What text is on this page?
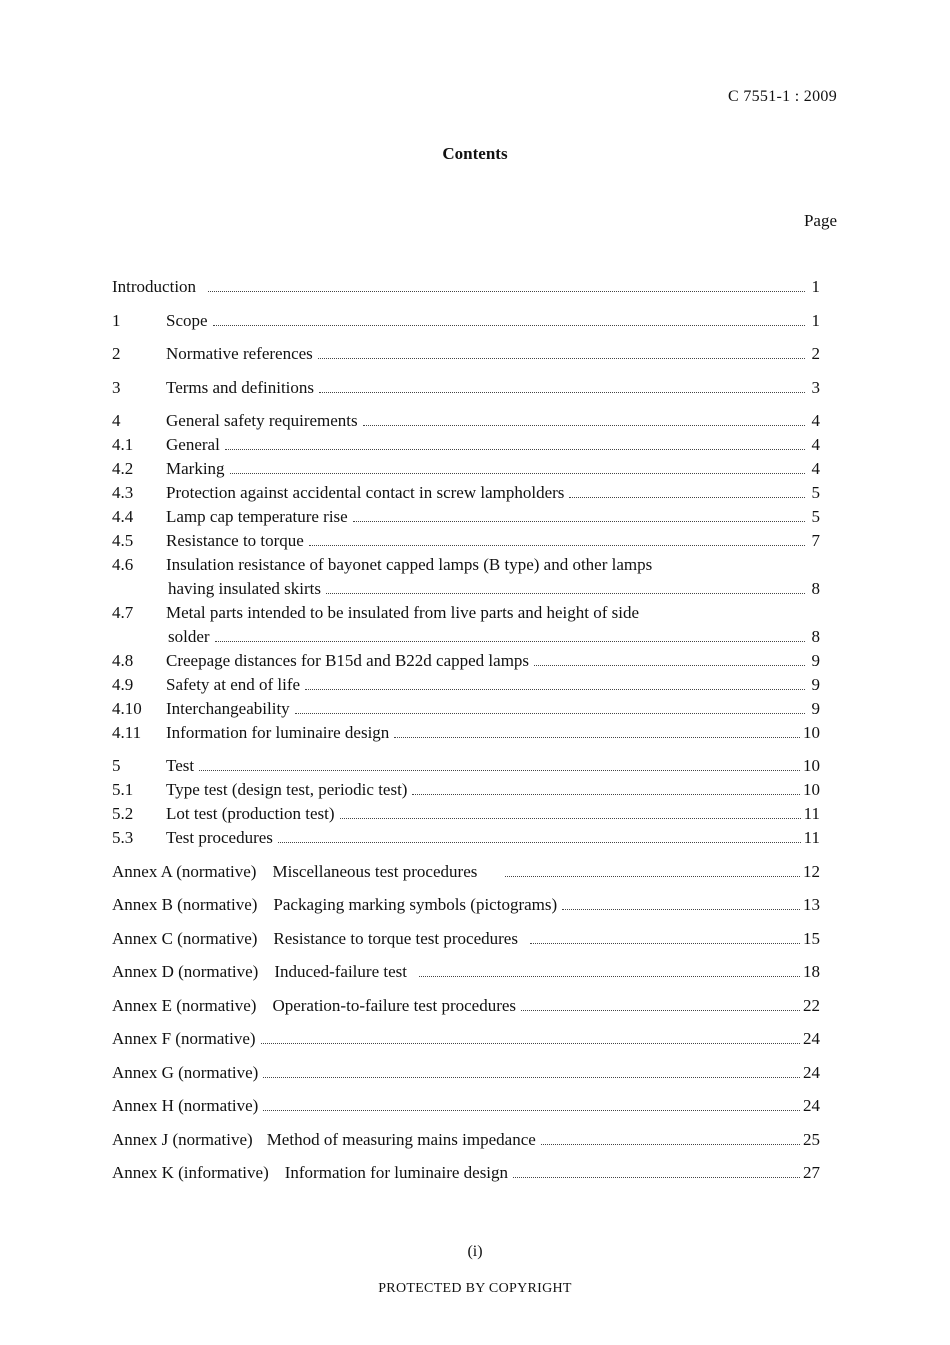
C 7551-1 : 2009
Contents
Page
Introduction	1
1	Scope	1
2	Normative references	2
3	Terms and definitions	3
4	General safety requirements	4
4.1	General	4
4.2	Marking	4
4.3	Protection against accidental contact in screw lampholders	5
4.4	Lamp cap temperature rise	5
4.5	Resistance to torque	7
4.6	Insulation resistance of bayonet capped lamps (B type) and other lamps
having insulated skirts	8
4.7	Metal parts intended to be insulated from live parts and height of side
solder	8
4.8	Creepage distances for B15d and B22d capped lamps	9
4.9	Safety at end of life	9
4.10	Interchangeability	9
4.11	Information for luminaire design	10
5	Test	10
5.1	Type test (design test, periodic test)	10
5.2	Lot test (production test)	11
5.3	Test procedures	11
Annex A (normative) Miscellaneous test procedures	12
Annex B (normative) Packaging marking symbols (pictograms)	13
Annex C (normative) Resistance to torque test procedures	15
Annex D (normative) Induced-failure test	18
Annex E (normative) Operation-to-failure test procedures	22
Annex F (normative)	24
Annex G (normative)	24
Annex H (normative)	24
Annex J (normative) Method of measuring mains impedance	25
Annex K (informative) Information for luminaire design	27
(i)
PROTECTED BY COPYRIGHT
